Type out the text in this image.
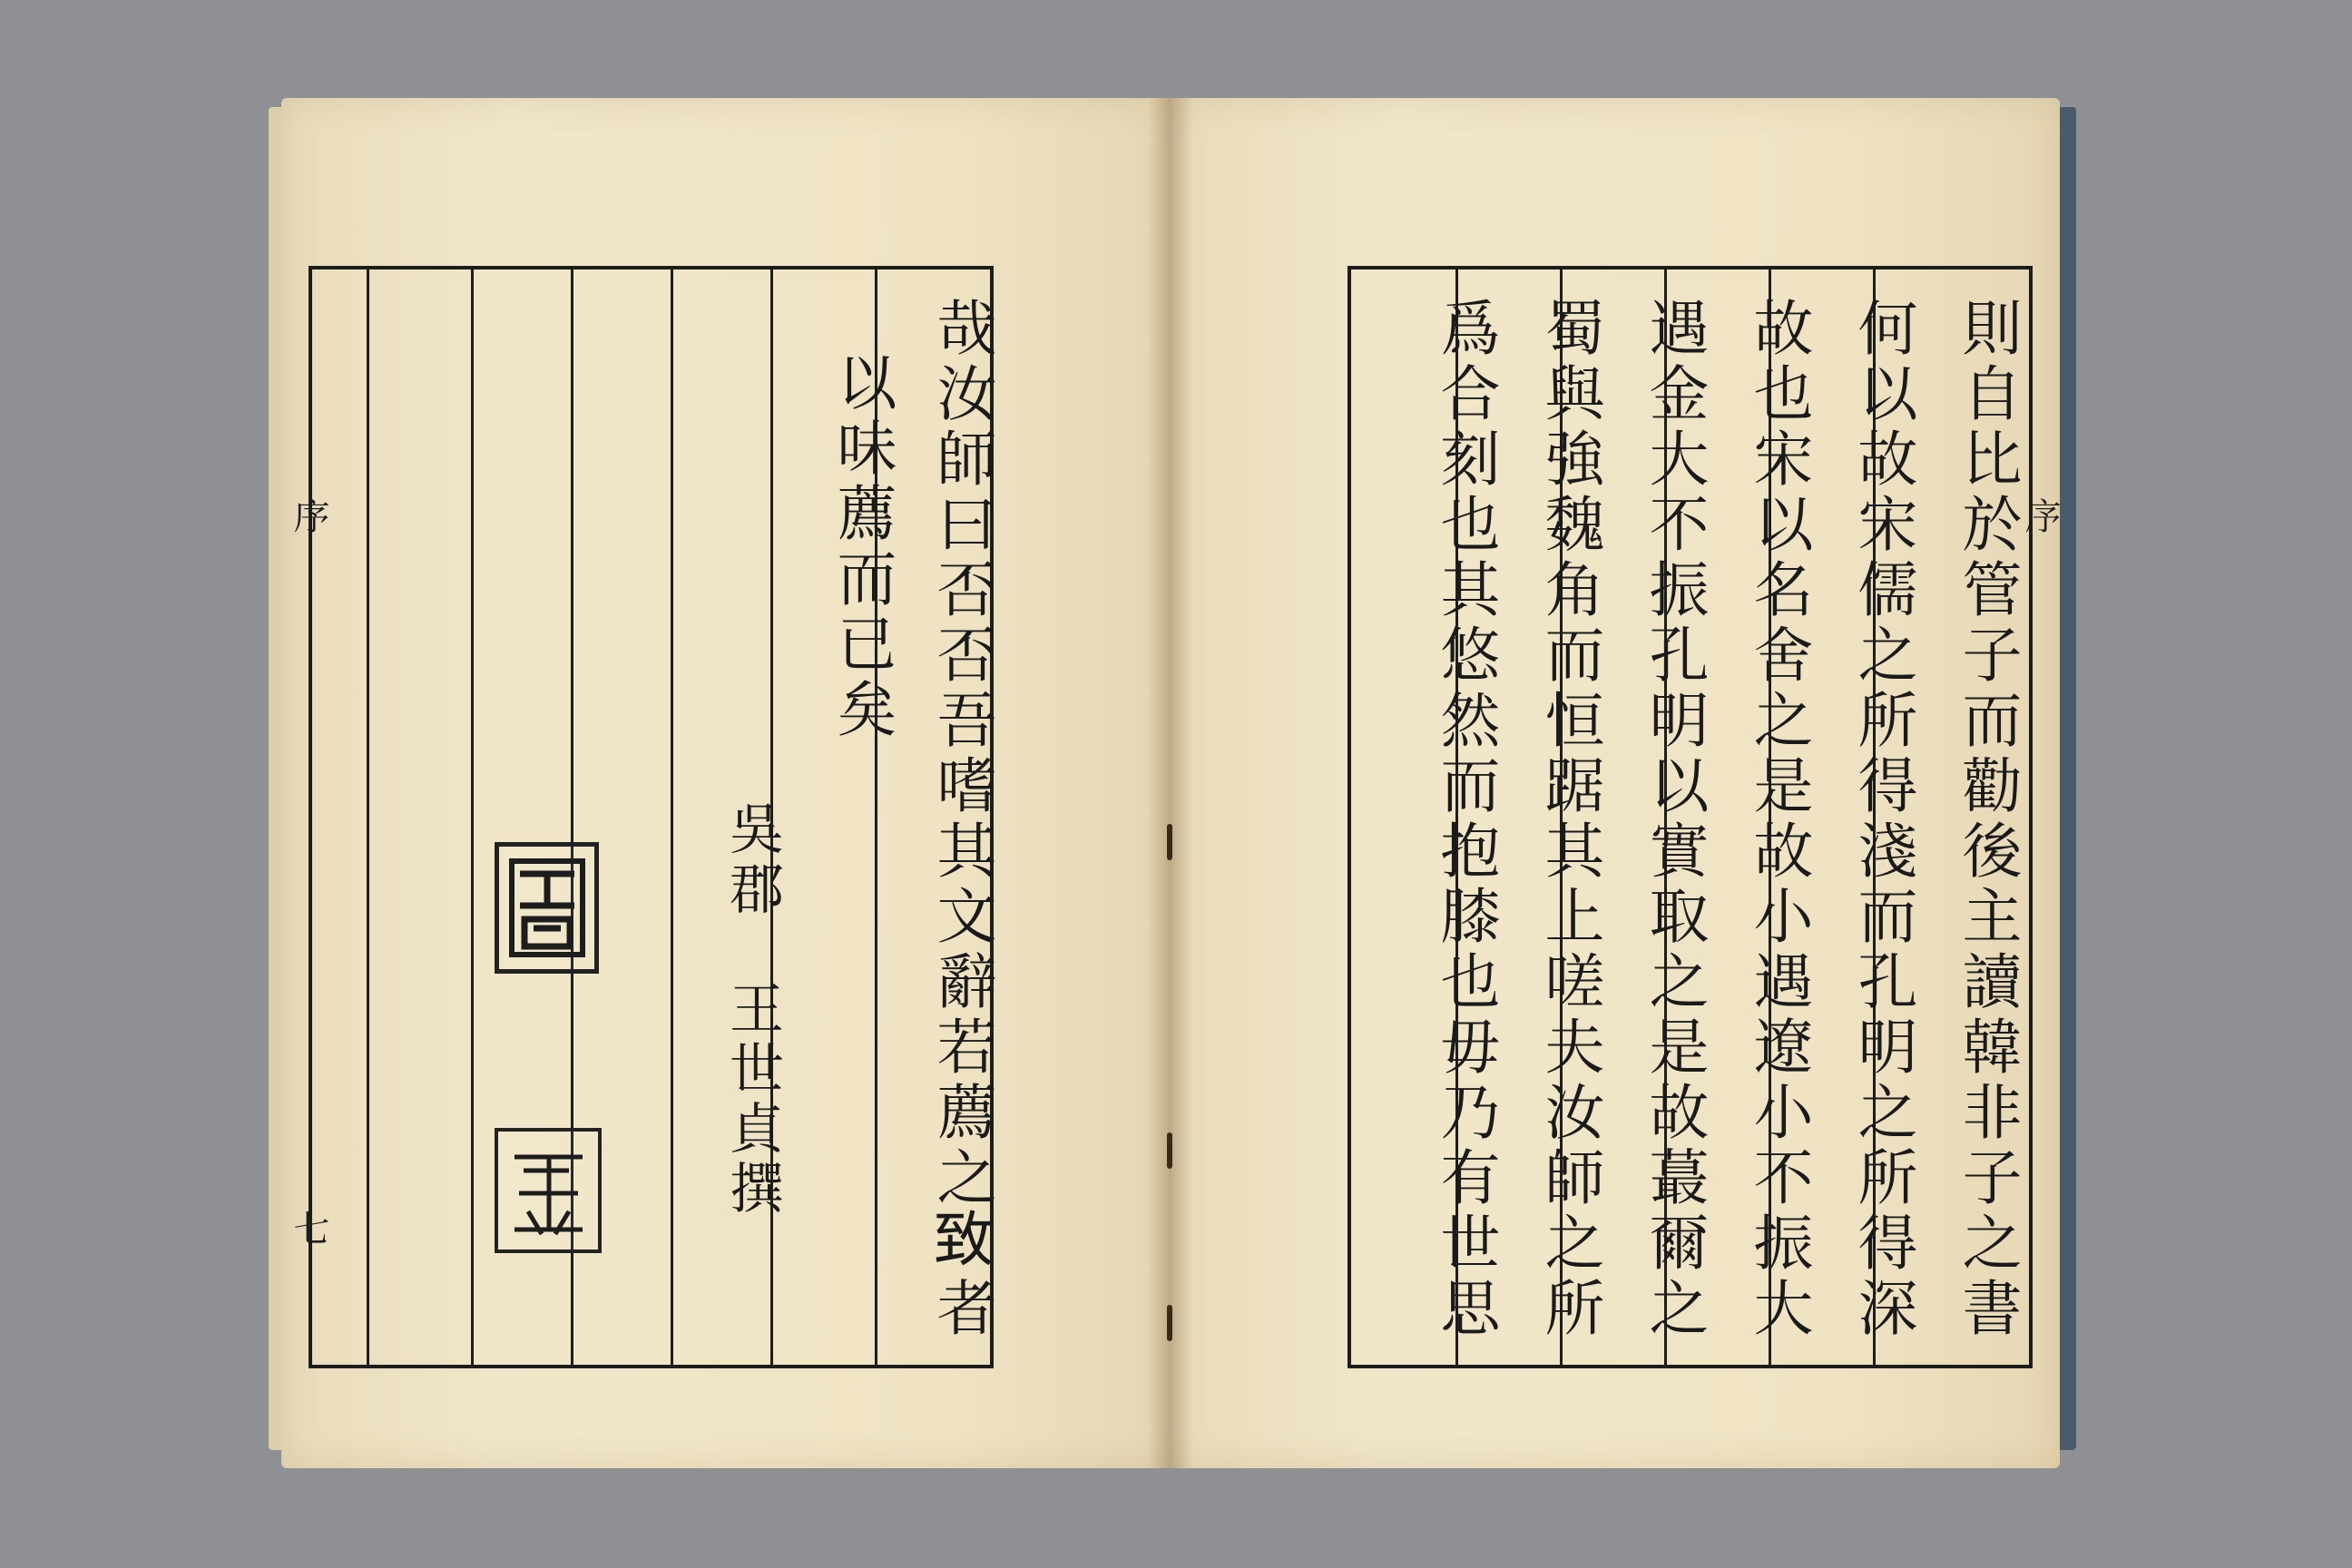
哉汝師曰否否吾嗜其文辭若薦之𦤶者
以味薦而已矣
吳郡　王世貞撰
序
七	則自比於管子而勸後主讀韓非子之書
何以故宋儒之所得淺而孔明之所得深
故也宋以名舍之是故小遇遼小不振大
遇金大不振孔明以實取之是故蕞爾之
蜀與強魏角而恒踞其上嗟夫汝師之所
爲合刻也其悠然而抱膝也毋乃有世思	序
